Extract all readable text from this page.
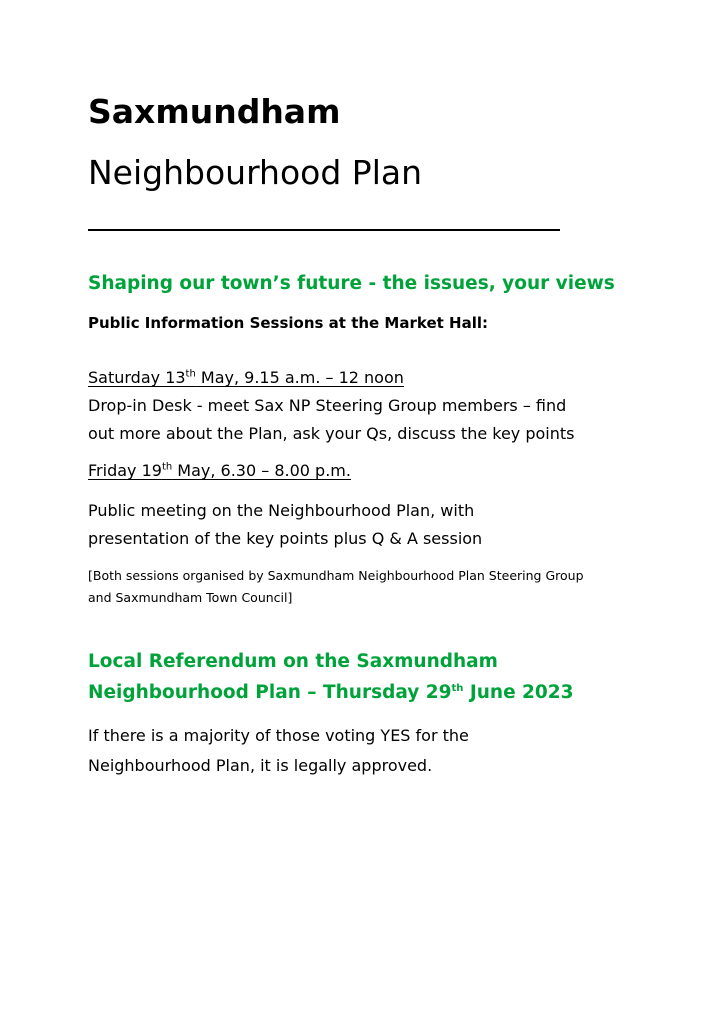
Saxmundham
Neighbourhood Plan
Shaping our town’s future - the issues, your views
Public Information Sessions at the Market Hall:
Saturday 13th May, 9.15 a.m. – 12 noon
Drop-in Desk - meet Sax NP Steering Group members – find
out more about the Plan, ask your Qs, discuss the key points
Friday 19th May, 6.30 – 8.00 p.m.
Public meeting on the Neighbourhood Plan, with
presentation of the key points plus Q & A session
[Both sessions organised by Saxmundham Neighbourhood Plan Steering Group
and Saxmundham Town Council]
Local Referendum on the Saxmundham
Neighbourhood Plan – Thursday 29th June 2023
If there is a majority of those voting YES for the
Neighbourhood Plan, it is legally approved.
